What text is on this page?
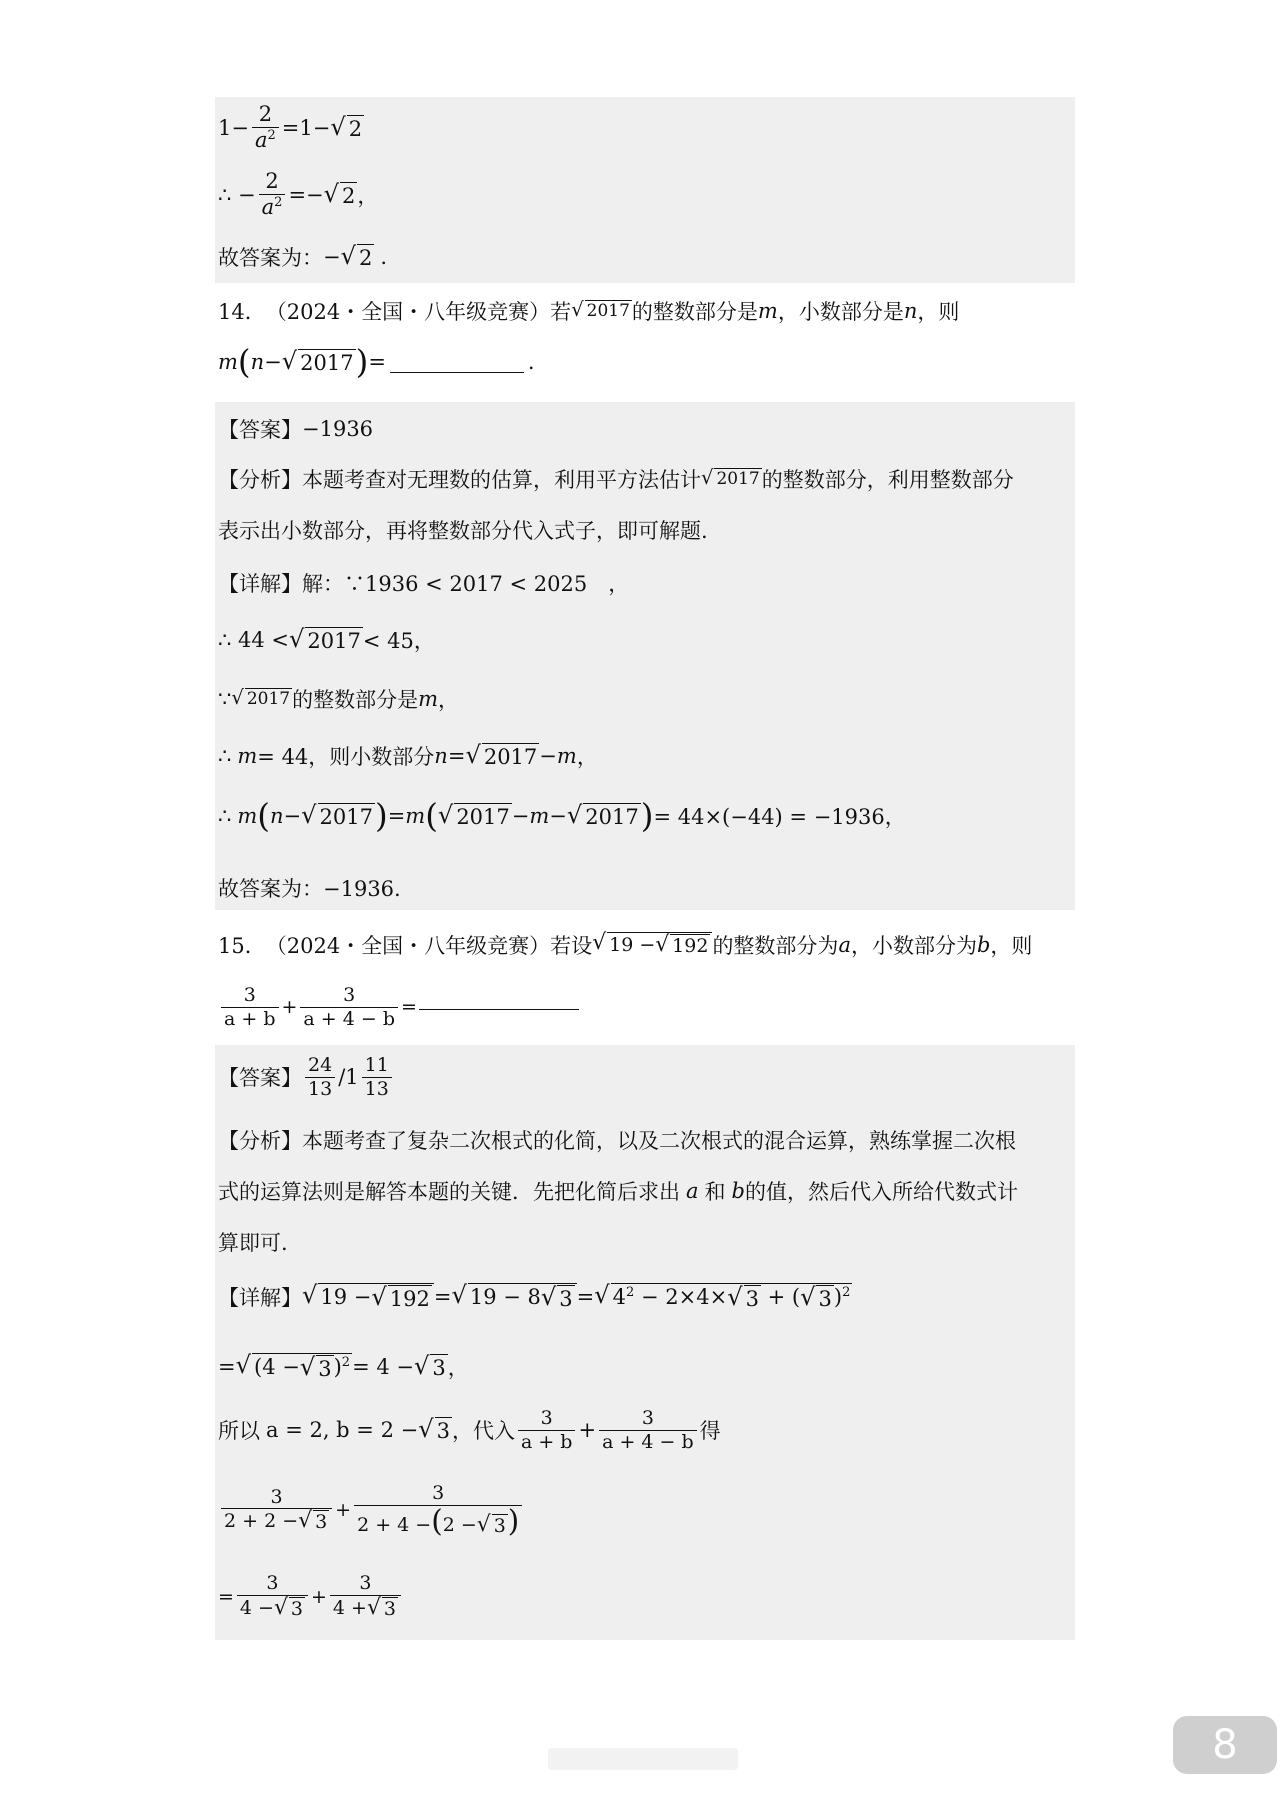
$1- \frac{2}{a^2} =1-$ √ 2
∴ − $\frac{2}{a^2}$ =− √ 2 ，
故答案为： − √ 2 .
14． （2024・全国・八年级竞赛）若 √ 2017 的整数部分是 m ，小数部分是 n ，则
m ( n − √ 2017 ) =	.
【答案】 −1936
【分析】 本题考查对无理数的估算，利用平方法估计 √ 2017 的整数部分，利用整数部分
表示出小数部分，再将整数部分代入式子，即可解题.
【详解】 解：∵1936 < 2017 < 2025　，
∴ 44 < √ 2017 < 45，
∵ √ 2017 的整数部分是 m ，
∴ m = 44，则小数部分 n = √ 2017 − m ，
∴ m ( n − √ 2017 ) = m ( √ 2017 − m − √ 2017 ) = 44×(−44) = −1936，
故答案为：−1936.
15． （2024・全国・八年级竞赛）若设 √ 19 − √ 192 的整数部分为 a ，小数部分为 b ，则
$\frac{3}{a + b} + \frac{3}{a + 4 - b}$ =
【答案】 $\frac{24}{13} /1 \frac{11}{13}$
【分析】 本题考查了复杂二次根式的化简，以及二次根式的混合运算，熟练掌握二次根
式的运算法则是解答本题的关键．先把化简后求出 a 和 b 的值，然后代入所给代数式计
算即可.
【详解】 √ 19 − √ 192 = √ 19 − 8 √ 3 = √ $4^2 - 2\times 4\times$ √ 3 + ( √ 3 )$^2$
= √ (4 − √ 3 )$^2$ = 4 − √ 3 ，
所以 a = 2, b = 2 − √ 3 ，代入 $\frac{3}{a + b} + \frac{3}{a + 4 - b}$ 得
$\frac{3}{2 + 2 - √ 3} + \frac{3}{2 + 4 -(2 - √ 3 )}$
= $\frac{3}{4 - √ 3} + \frac{3}{4 + √ 3}$
8
